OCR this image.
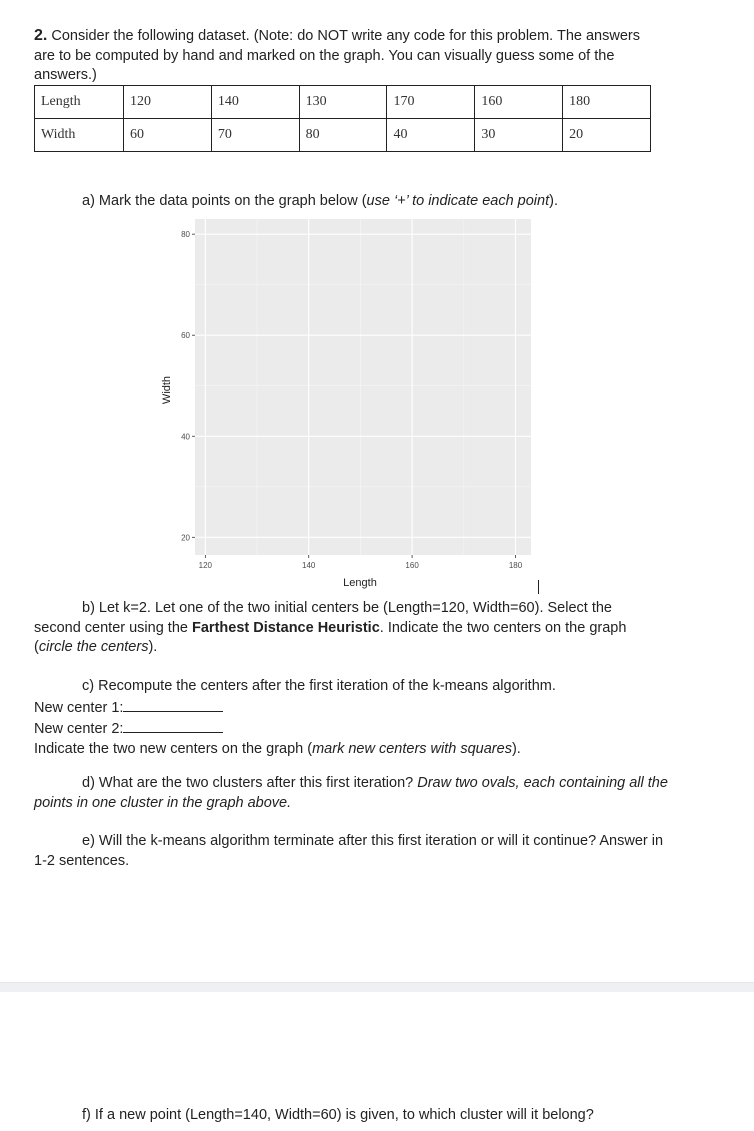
2. Consider the following dataset. (Note: do NOT write any code for this problem. The answers are to be computed by hand and marked on the graph. You can visually guess some of the answers.)
Length	120	140	130	170	160	180
Width	60	70	80	40	30	20
a) Mark the data points on the graph below (use ‘+’ to indicate each point).
20
40
60
80
120	140	160	180
Length
Width
b) Let k=2. Let one of the two initial centers be (Length=120, Width=60). Select the second center using the Farthest Distance Heuristic. Indicate the two centers on the graph (circle the centers).
c) Recompute the centers after the first iteration of the k-means algorithm.
New center 1:
New center 2:
Indicate the two new centers on the graph (mark new centers with squares).
d) What are the two clusters after this first iteration? Draw two ovals, each containing all the points in one cluster in the graph above.
e) Will the k-means algorithm terminate after this first iteration or will it continue? Answer in 1-2 sentences.
f) If a new point (Length=140, Width=60) is given, to which cluster will it belong?
